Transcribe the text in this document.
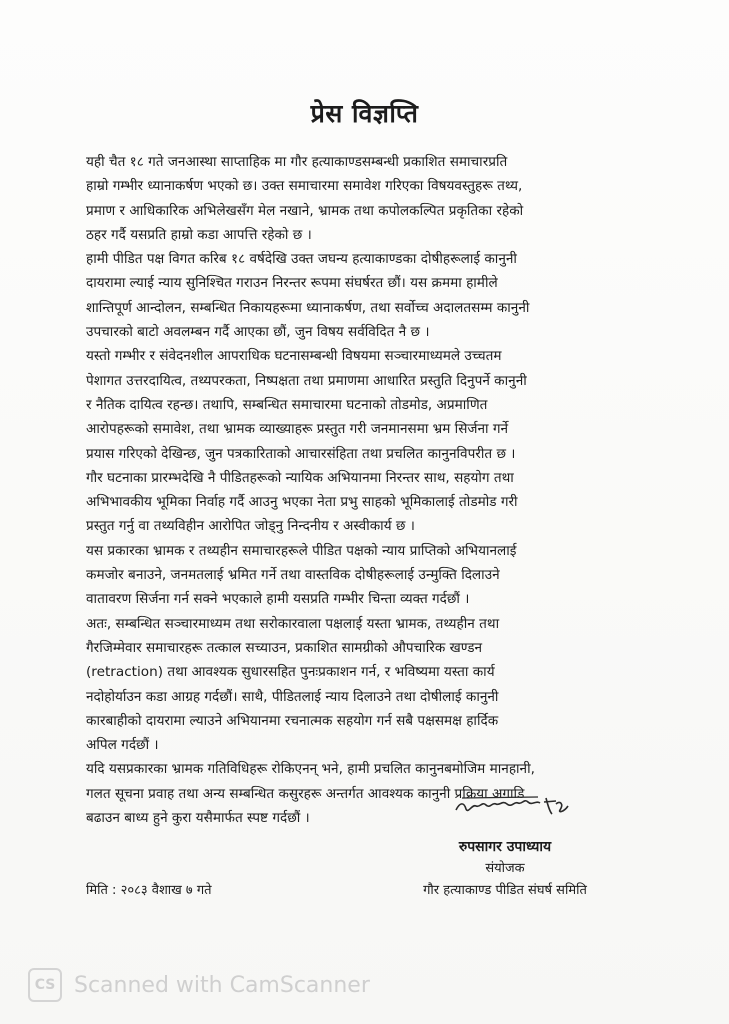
प्रेस विज्ञप्ति

यही चैत १८ गते जनआस्था साप्ताहिक मा गौर हत्याकाण्डसम्बन्धी प्रकाशित समाचारप्रति
हाम्रो गम्भीर ध्यानाकर्षण भएको छ। उक्त समाचारमा समावेश गरिएका विषयवस्तुहरू तथ्य,
प्रमाण र आधिकारिक अभिलेखसँग मेल नखाने, भ्रामक तथा कपोलकल्पित प्रकृतिका रहेको
ठहर गर्दै यसप्रति हाम्रो कडा आपत्ति रहेको छ ।

हामी पीडित पक्ष विगत करिब १८ वर्षदेखि उक्त जघन्य हत्याकाण्डका दोषीहरूलाई कानुनी
दायरामा ल्याई न्याय सुनिश्चित गराउन निरन्तर रूपमा संघर्षरत छौं। यस क्रममा हामीले
शान्तिपूर्ण आन्दोलन, सम्बन्धित निकायहरूमा ध्यानाकर्षण, तथा सर्वोच्च अदालतसम्म कानुनी
उपचारको बाटो अवलम्बन गर्दै आएका छौं, जुन विषय सर्वविदित नै छ ।

यस्तो गम्भीर र संवेदनशील आपराधिक घटनासम्बन्धी विषयमा सञ्चारमाध्यमले उच्चतम
पेशागत उत्तरदायित्व, तथ्यपरकता, निष्पक्षता तथा प्रमाणमा आधारित प्रस्तुति दिनुपर्ने कानुनी
र नैतिक दायित्व रहन्छ। तथापि, सम्बन्धित समाचारमा घटनाको तोडमोड, अप्रमाणित
आरोपहरूको समावेश, तथा भ्रामक व्याख्याहरू प्रस्तुत गरी जनमानसमा भ्रम सिर्जना गर्ने
प्रयास गरिएको देखिन्छ, जुन पत्रकारिताको आचारसंहिता तथा प्रचलित कानुनविपरीत छ ।

गौर घटनाका प्रारम्भदेखि नै पीडितहरूको न्यायिक अभियानमा निरन्तर साथ, सहयोग तथा
अभिभावकीय भूमिका निर्वाह गर्दै आउनु भएका नेता प्रभु साहको भूमिकालाई तोडमोड गरी
प्रस्तुत गर्नु वा तथ्यविहीन आरोपित जोड्नु निन्दनीय र अस्वीकार्य छ ।

यस प्रकारका भ्रामक र तथ्यहीन समाचारहरूले पीडित पक्षको न्याय प्राप्तिको अभियानलाई
कमजोर बनाउने, जनमतलाई भ्रमित गर्ने तथा वास्तविक दोषीहरूलाई उन्मुक्ति दिलाउने
वातावरण सिर्जना गर्न सक्ने भएकाले हामी यसप्रति गम्भीर चिन्ता व्यक्त गर्दछौं ।

अतः, सम्बन्धित सञ्चारमाध्यम तथा सरोकारवाला पक्षलाई यस्ता भ्रामक, तथ्यहीन तथा
गैरजिम्मेवार समाचारहरू तत्काल सच्याउन, प्रकाशित सामग्रीको औपचारिक खण्डन
(retraction) तथा आवश्यक सुधारसहित पुनःप्रकाशन गर्न, र भविष्यमा यस्ता कार्य
नदोहोर्याउन कडा आग्रह गर्दछौं। साथै, पीडितलाई न्याय दिलाउने तथा दोषीलाई कानुनी
कारबाहीको दायरामा ल्याउने अभियानमा रचनात्मक सहयोग गर्न सबै पक्षसमक्ष हार्दिक
अपिल गर्दछौं ।

यदि यसप्रकारका भ्रामक गतिविधिहरू रोकिएनन् भने, हामी प्रचलित कानुनबमोजिम मानहानी,
गलत सूचना प्रवाह तथा अन्य सम्बन्धित कसुरहरू अन्तर्गत आवश्यक कानुनी प्रक्रिया अगाडि
बढाउन बाध्य हुने कुरा यसैमार्फत स्पष्ट गर्दछौं ।

रुपसागर उपाध्याय
संयोजक
गौर हत्याकाण्ड पीडित संघर्ष समिति
मिति : २०८३ वैशाख ७ गते
CS Scanned with CamScanner
